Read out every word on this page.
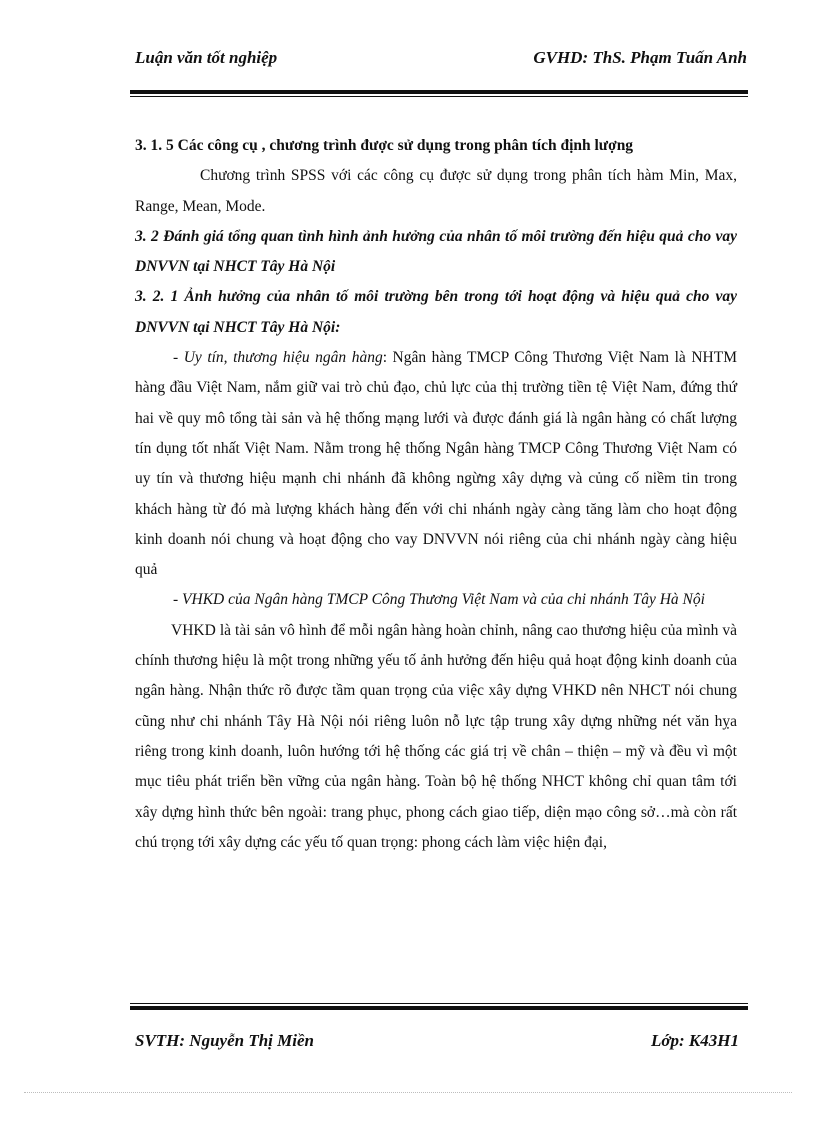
Luận văn tốt nghiệp	GVHD: ThS. Phạm Tuấn Anh

3. 1. 5 Các công cụ , chương trình được sử dụng trong phân tích định lượng

Chương trình SPSS với các công cụ được sử dụng trong phân tích hàm Min, Max, Range, Mean, Mode.

3. 2 Đánh giá tổng quan tình hình ảnh hưởng của nhân tố môi trường đến hiệu quả cho vay DNVVN tại NHCT Tây Hà Nội

3. 2. 1 Ảnh hưởng của nhân tố môi trường bên trong tới hoạt động và hiệu quả cho vay DNVVN tại NHCT Tây Hà Nội:

- Uy tín, thương hiệu ngân hàng: Ngân hàng TMCP Công Thương Việt Nam là NHTM hàng đầu Việt Nam, nắm giữ vai trò chủ đạo, chủ lực của thị trường tiền tệ Việt Nam, đứng thứ hai về quy mô tổng tài sản và hệ thống mạng lưới và được đánh giá là ngân hàng có chất lượng tín dụng tốt nhất Việt Nam. Nằm trong hệ thống Ngân hàng TMCP Công Thương Việt Nam có uy tín và thương hiệu mạnh chi nhánh đã không ngừng xây dựng và củng cố niềm tin trong khách hàng từ đó mà lượng khách hàng đến với chi nhánh ngày càng tăng làm cho hoạt động kinh doanh nói chung và hoạt động cho vay DNVVN nói riêng của chi nhánh ngày càng hiệu quả

- VHKD của Ngân hàng TMCP Công Thương Việt Nam và của chi nhánh Tây Hà Nội

VHKD là tài sản vô hình để mỗi ngân hàng hoàn chỉnh, nâng cao thương hiệu của mình và chính thương hiệu là một trong những yếu tố ảnh hưởng đến hiệu quả hoạt động kinh doanh của ngân hàng. Nhận thức rõ được tầm quan trọng của việc xây dựng VHKD nên NHCT nói chung cũng như chi nhánh Tây Hà Nội nói riêng luôn nỗ lực tập trung xây dựng những nét văn hỵa riêng trong kinh doanh, luôn hướng tới hệ thống các giá trị về chân – thiện – mỹ và đều vì một mục tiêu phát triển bền vững của ngân hàng. Toàn bộ hệ thống NHCT không chỉ quan tâm tới xây dựng hình thức bên ngoài: trang phục, phong cách giao tiếp, diện mạo công sở…mà còn rất chú trọng tới xây dựng các yếu tố quan trọng: phong cách làm việc hiện đại,

SVTH: Nguyễn Thị Miền	Lớp: K43H1
